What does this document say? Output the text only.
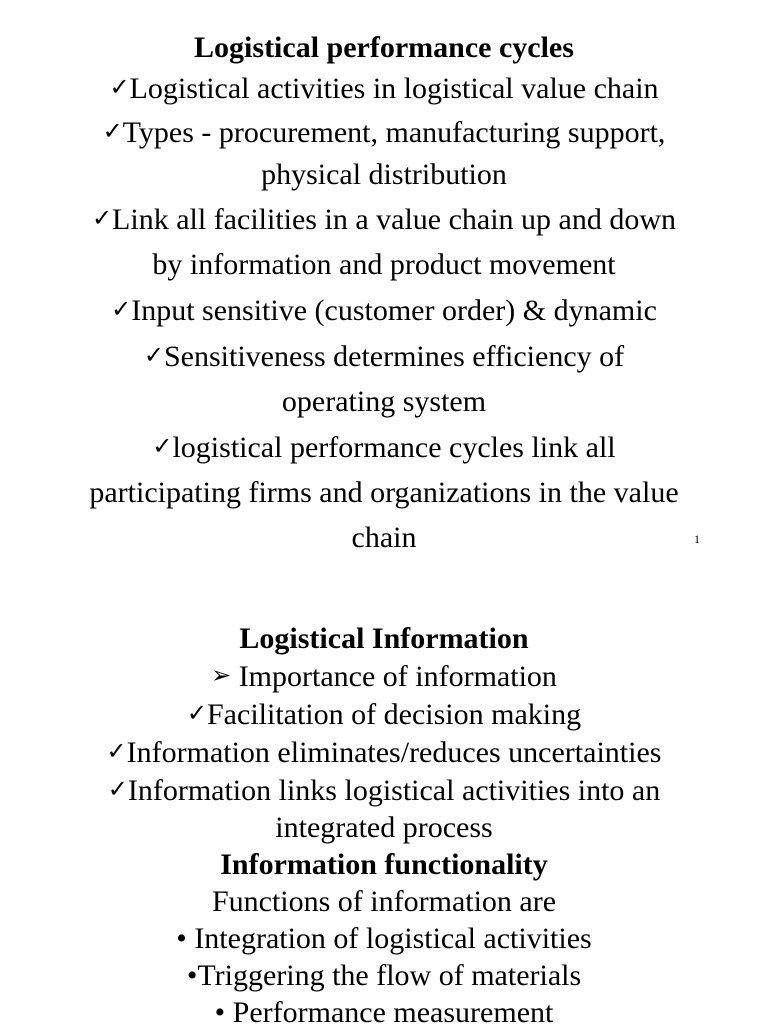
Logistical performance cycles
✓Logistical activities in logistical value chain
✓Types - procurement, manufacturing support,
physical distribution
✓Link all facilities in a value chain up and down
by information and product movement
✓Input sensitive (customer order) & dynamic
✓Sensitiveness determines efficiency of
operating system
✓logistical performance cycles link all
participating firms and organizations in the value
chain	1
Logistical Information
➢ Importance of information
✓Facilitation of decision making
✓Information eliminates/reduces uncertainties
✓Information links logistical activities into an
integrated process
Information functionality
Functions of information are
• Integration of logistical activities
•Triggering the flow of materials
• Performance measurement
